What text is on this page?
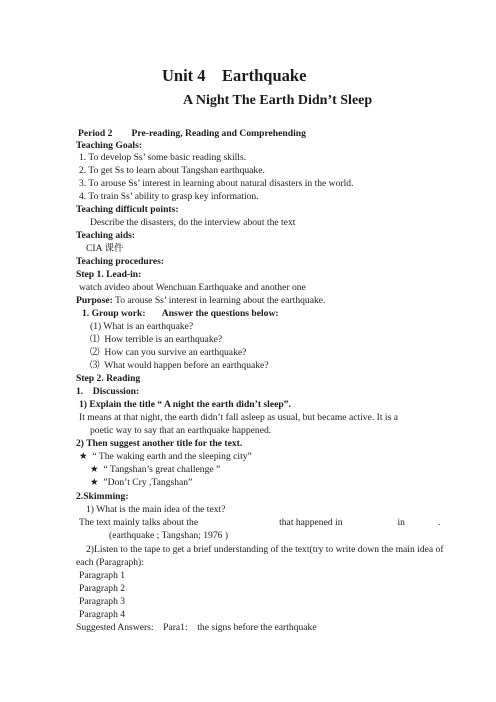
Unit 4    Earthquake
A Night The Earth Didn’t Sleep
Period 2        Pre-reading, Reading and Comprehending
Teaching Goals:
1. To develop Ss’ some basic reading skills.
2. To get Ss to learn about Tangshan earthquake.
3. To arouse Ss’ interest in learning about natural disasters in the world.
4. To train Ss’ ability to grasp key information.
Teaching difficult points:
Describe the disasters, do the interview about the text
Teaching aids:
CIA 课件
Teaching procedures:
Step 1. Lead-in:
watch avideo about Wenchuan Earthquake and another one
Purpose: To arouse Ss’ interest in learning about the earthquake.
1. Group work:       Answer the questions below:
(1) What is an earthquake?
⑴  How terrible is an earthquake?
⑵  How can you survive an earthquake?
⑶  What would happen before an earthquake?
Step 2. Reading
1.    Discussion:
1) Explain the title “ A night the earth didn’t sleep”.
It means at that night, the earth didn’t fall asleep as usual, but became active. It is a
poetic way to say that an earthquake happened.
2) Then suggest another title for the text.
★  “ The waking earth and the sleeping city”
★  “ Tangshan’s great challenge ”
★  ”Don’t Cry ,Tangshan”
2.Skimming:
1) What is the main idea of the text?
The text mainly talks about the	that happened in	in	.
(earthquake ; Tangshan; 1976 )
2)Listen to the tape to get a brief understanding of the text(try to write down the main idea of
each (Paragraph):
Paragraph 1
Paragraph 2
Paragraph 3
Paragraph 4
Suggested Answers:    Para1:    the signs before the earthquake
